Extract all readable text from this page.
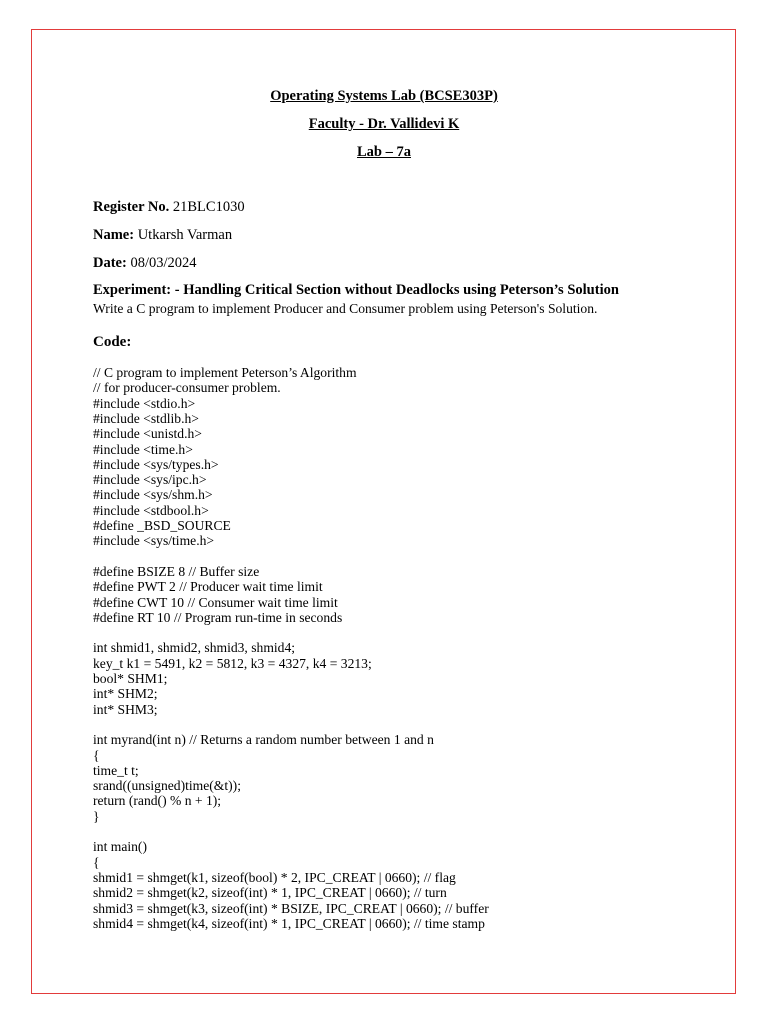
Operating Systems Lab (BCSE303P)
Faculty - Dr. Vallidevi K
Lab – 7a
Register No. 21BLC1030
Name: Utkarsh Varman
Date: 08/03/2024
Experiment: - Handling Critical Section without Deadlocks using Peterson’s Solution
Write a C program to implement Producer and Consumer problem using Peterson's Solution.
Code:
// C program to implement Peterson’s Algorithm
// for producer-consumer problem.
#include <stdio.h>
#include <stdlib.h>
#include <unistd.h>
#include <time.h>
#include <sys/types.h>
#include <sys/ipc.h>
#include <sys/shm.h>
#include <stdbool.h>
#define _BSD_SOURCE
#include <sys/time.h>
#define BSIZE 8 // Buffer size
#define PWT 2 // Producer wait time limit
#define CWT 10 // Consumer wait time limit
#define RT 10 // Program run-time in seconds
int shmid1, shmid2, shmid3, shmid4;
key_t k1 = 5491, k2 = 5812, k3 = 4327, k4 = 3213;
bool* SHM1;
int* SHM2;
int* SHM3;
int myrand(int n) // Returns a random number between 1 and n
{
time_t t;
srand((unsigned)time(&t));
return (rand() % n + 1);
}
int main()
{
shmid1 = shmget(k1, sizeof(bool) * 2, IPC_CREAT | 0660); // flag
shmid2 = shmget(k2, sizeof(int) * 1, IPC_CREAT | 0660); // turn
shmid3 = shmget(k3, sizeof(int) * BSIZE, IPC_CREAT | 0660); // buffer
shmid4 = shmget(k4, sizeof(int) * 1, IPC_CREAT | 0660); // time stamp
